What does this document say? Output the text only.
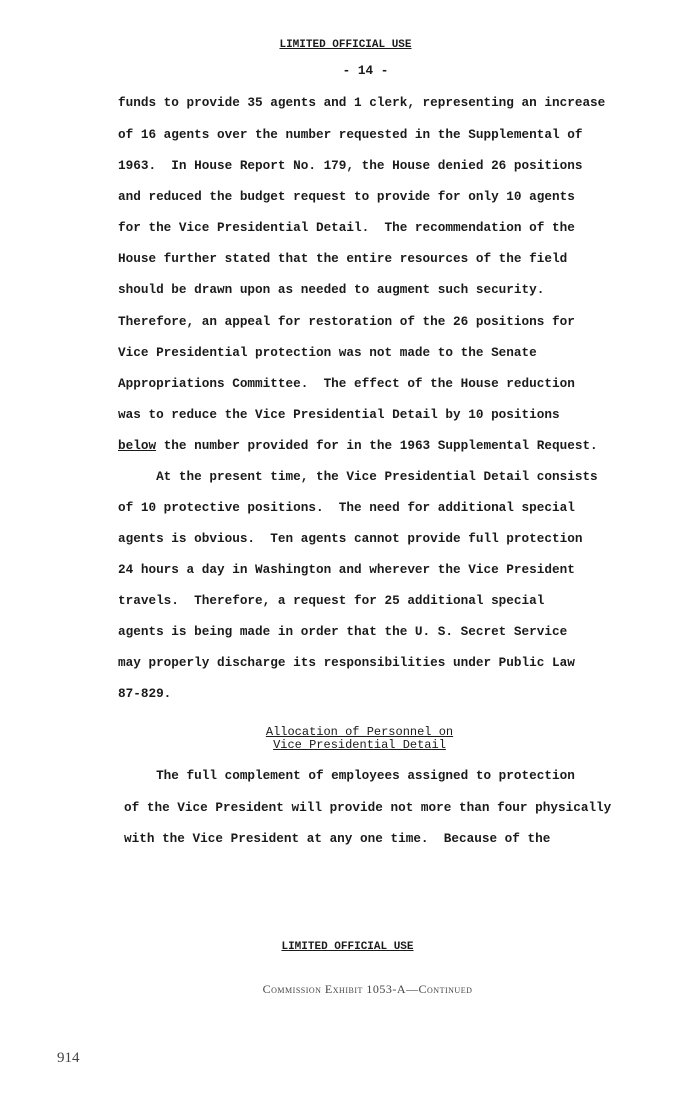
LIMITED OFFICIAL USE
- 14 -
funds to provide 35 agents and 1 clerk, representing an increase
of 16 agents over the number requested in the Supplemental of
1963.  In House Report No. 179, the House denied 26 positions
and reduced the budget request to provide for only 10 agents
for the Vice Presidential Detail.  The recommendation of the
House further stated that the entire resources of the field
should be drawn upon as needed to augment such security.
Therefore, an appeal for restoration of the 26 positions for
Vice Presidential protection was not made to the Senate
Appropriations Committee.  The effect of the House reduction
was to reduce the Vice Presidential Detail by 10 positions
below the number provided for in the 1963 Supplemental Request.
At the present time, the Vice Presidential Detail consists
of 10 protective positions.  The need for additional special
agents is obvious.  Ten agents cannot provide full protection
24 hours a day in Washington and wherever the Vice President
travels.  Therefore, a request for 25 additional special
agents is being made in order that the U. S. Secret Service
may properly discharge its responsibilities under Public Law
87-829.
Allocation of Personnel on
Vice Presidential Detail
The full complement of employees assigned to protection
of the Vice President will provide not more than four physically
with the Vice President at any one time.  Because of the
LIMITED OFFICIAL USE
Commission Exhibit 1053-A—Continued
914
